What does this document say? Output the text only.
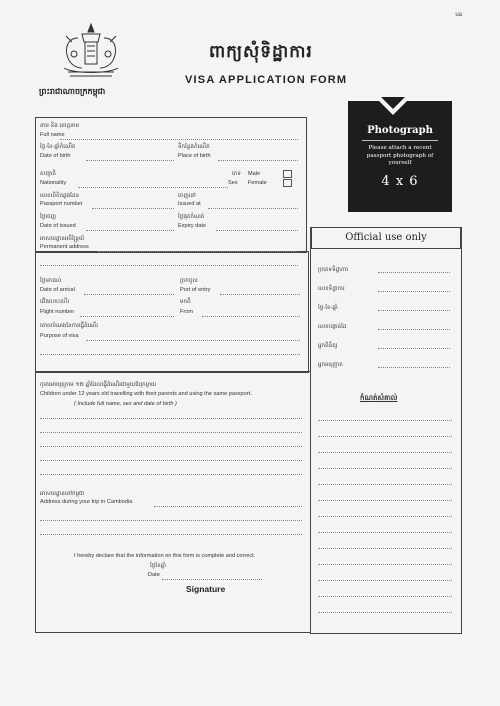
ua
ពាក្យសុំទិដ្ឋាការ
VISA APPLICATION FORM
ព្រះរាជាណាចក្រកម្ពុជា
Photograph
Please attach a recent passport photograph of yourself
4 x 6
Official use only
នាម និង គោត្តនាម
Full name
ថ្ងៃ-ខែ-ឆ្នាំកំណើត	ទីកន្លែងកំណើត
Date of birth	Place of birth
សញ្ជាតិ	ភេទ Male
Nationality	Sex Female
លេខលិខិតឆ្លងដែន	ចេញនៅ
Passport number	Issued at
ថ្ងៃចេញ	ថ្ងៃផុតកំណត់
Date of issued	Expiry date
អាសយដ្ឋានអចិន្ត្រៃយ៍
Permanent address
ថ្ងៃមកដល់	ច្រកចូល
Date of arrival	Port of entry
ជើងហោះហើរ	មកពី
Flight number	From
គោលបំណងនៃការធ្វើដំណើរ
Purpose of visa
កុមារអាយុក្រោម ១២ ឆ្នាំដែលធ្វើដំណើរជាមួយឪពុកម្ដាយ
Children under 12 years old travelling with their parents and using the same passport.
( Include full name, sex and date of birth )
អាសយដ្ឋាននៅកម្ពុជា
Address during your trip in Cambodia
I hereby declare that the information on this form is complete and correct.
ថ្ងៃខែឆ្នាំ
Date
Signature
ប្រភេទទិដ្ឋាការ
លេខទិដ្ឋាការ
ថ្ងៃ-ខែ-ឆ្នាំ
លេខបង្កាន់ដៃ
អ្នកពិនិត្យ
អ្នកអនុញ្ញាត
កំណត់សំគាល់
